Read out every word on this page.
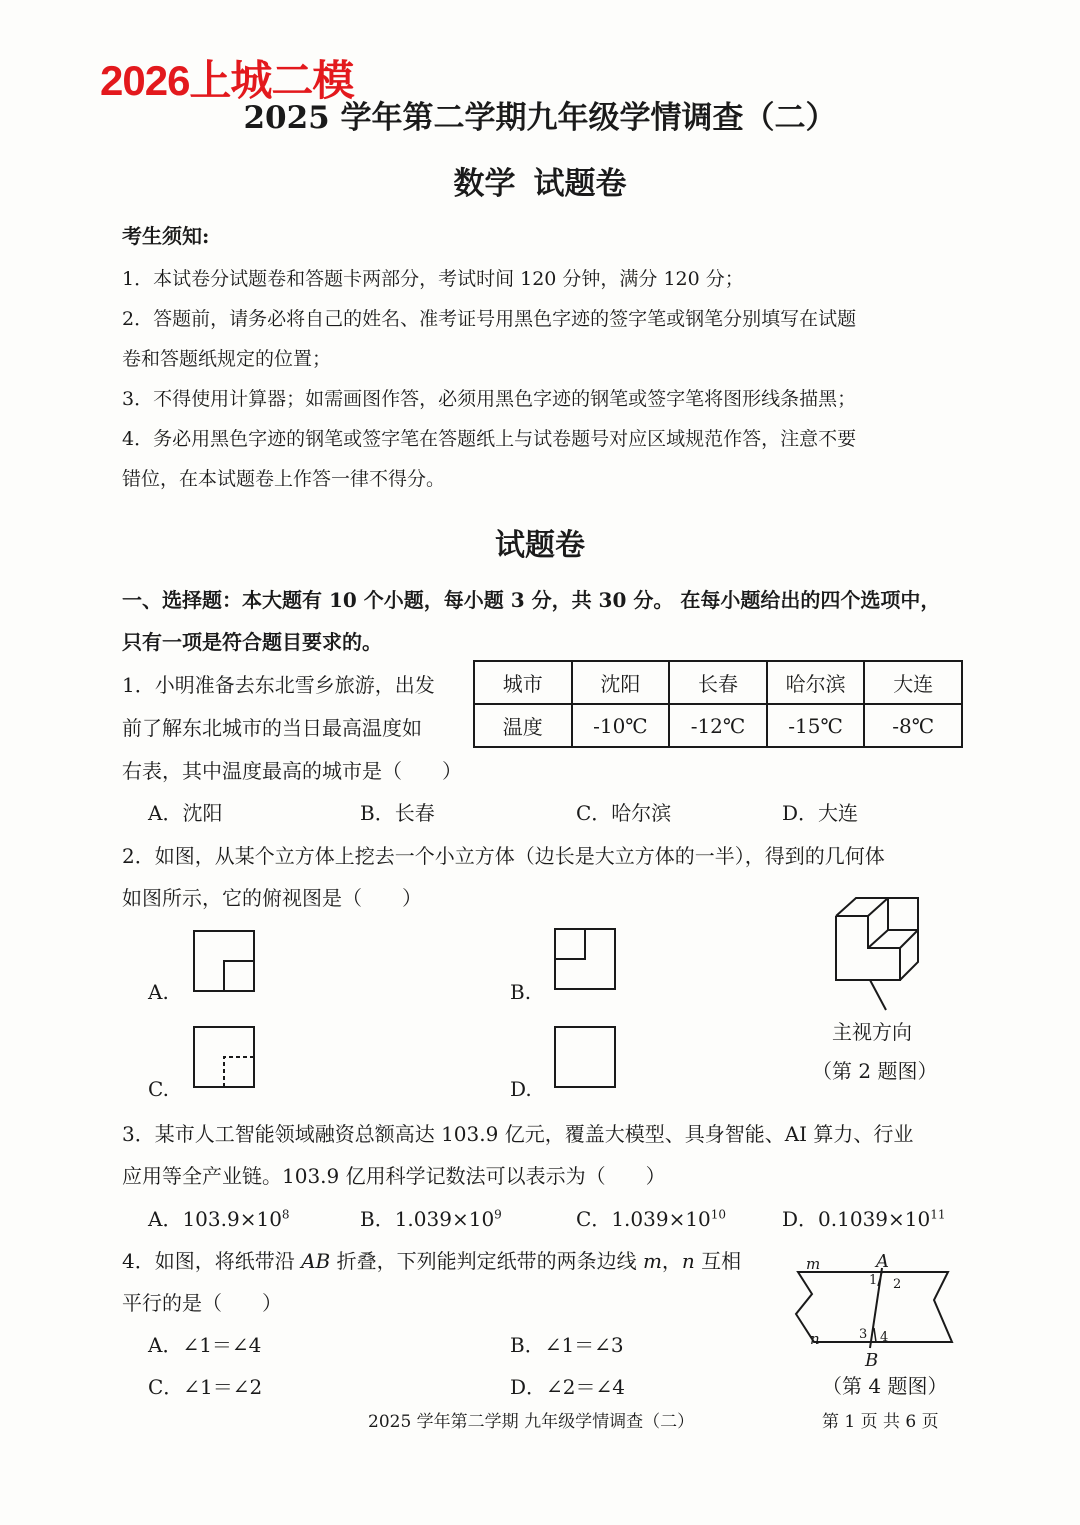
2026上城二模
2025 学年第二学期九年级学情调查（二）
数学 试题卷
考生须知:
1．本试卷分试题卷和答题卡两部分，考试时间 120 分钟，满分 120 分；
2．答题前，请务必将自己的姓名、准考证号用黑色字迹的签字笔或钢笔分别填写在试题
卷和答题纸规定的位置；
3．不得使用计算器；如需画图作答，必须用黑色字迹的钢笔或签字笔将图形线条描黑；
4．务必用黑色字迹的钢笔或签字笔在答题纸上与试卷题号对应区域规范作答，注意不要
错位，在本试题卷上作答一律不得分。
试题卷
一、选择题：本大题有 10 个小题，每小题 3 分，共 30 分。 在每小题给出的四个选项中，
只有一项是符合题目要求的。
1．小明准备去东北雪乡旅游，出发
前了解东北城市的当日最高温度如
右表，其中温度最高的城市是（　　）
城市	沈阳	长春	哈尔滨	大连
温度	-10℃	-12℃	-15℃	-8℃
A．沈阳	B．长春	C．哈尔滨	D．大连
2．如图，从某个立方体上挖去一个小立方体（边长是大立方体的一半），得到的几何体
如图所示，它的俯视图是（　　）
A.	B.
C.	D.
主视方向
（第 2 题图）
3．某市人工智能领域融资总额高达 103.9 亿元，覆盖大模型、具身智能、AI 算力、行业
应用等全产业链。103.9 亿用科学记数法可以表示为（　　）
A．$103.9\times 10^8$	B．$1.039\times 10^9$	C．$1.039\times 10^{10}$	D．$0.1039\times 10^{11}$
4．如图，将纸带沿 AB 折叠，下列能判定纸带的两条边线 m，n 互相
平行的是（　　）
A．∠1＝∠4	B．∠1＝∠3
C．∠1＝∠2	D．∠2＝∠4
m
n
A
B
1 2
3 4
（第 4 题图）
2025 学年第二学期 九年级学情调查（二）	第 1 页 共 6 页
